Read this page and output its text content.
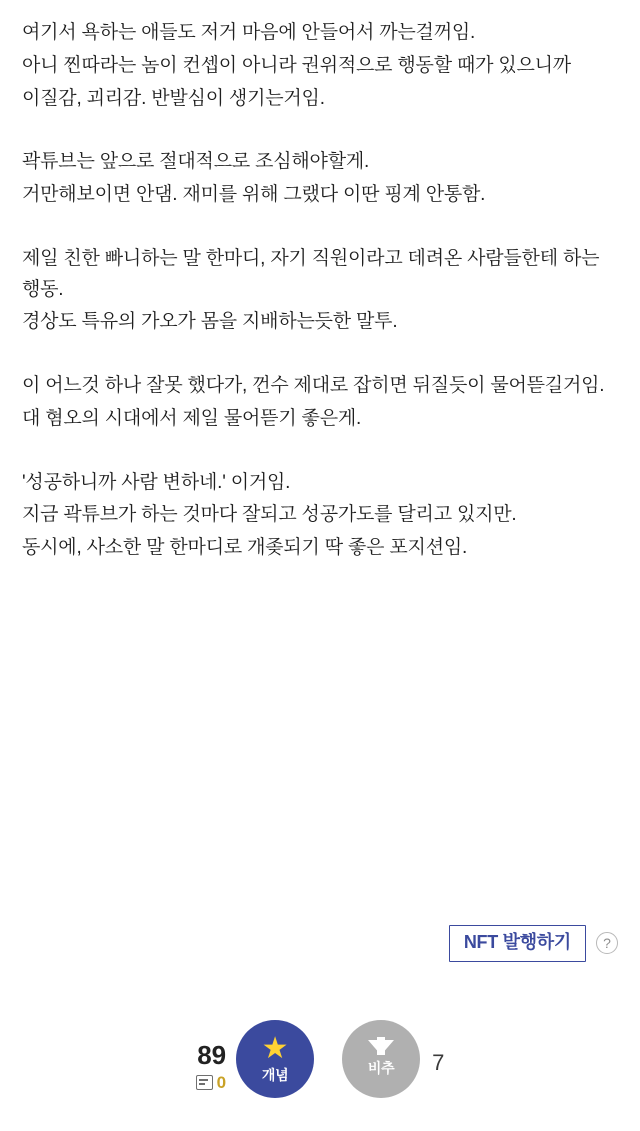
여기서 욕하는 애들도 저거 마음에 안들어서 까는걸꺼임.

아니 찐따라는 놈이 컨셉이 아니라 권위적으로 행동할 때가 있으니까

이질감, 괴리감. 반발심이 생기는거임.

곽튜브는 앞으로 절대적으로 조심해야할게.

거만해보이면 안댐. 재미를 위해 그랬다 이딴 핑계 안통함.

제일 친한 빠니하는 말 한마디, 자기 직원이라고 데려온 사람들한테 하는 행동.

경상도 특유의 가오가 몸을 지배하는듯한 말투.

이 어느것 하나 잘못 했다가, 껀수 제대로 잡히면 뒤질듯이 물어뜯길거임.

대 혐오의 시대에서 제일 물어뜯기 좋은게.

'성공하니까 사람 변하네.' 이거임.

지금 곽튜브가 하는 것마다 잘되고 성공가도를 달리고 있지만.

동시에, 사소한 말 한마디로 개좆되기 딱 좋은 포지션임.

NFT 발행하기	?
89
0
★
개념	비추 7
